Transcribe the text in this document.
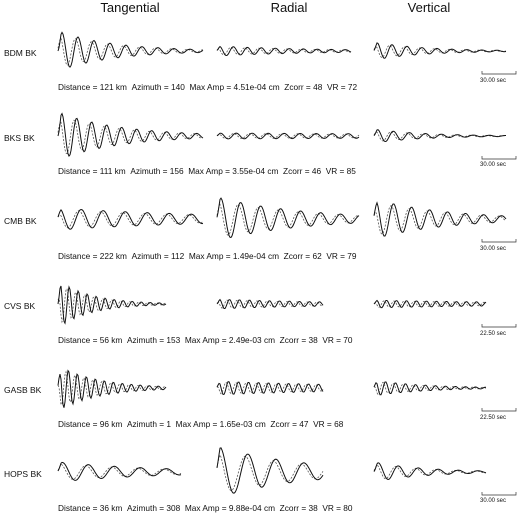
Tangential	Radial	Vertical
BDM BK
Distance = 121 km Azimuth = 140 Max Amp = 4.51e-04 cm Zcorr = 48 VR = 72
30.00 sec
BKS BK
Distance = 111 km Azimuth = 156 Max Amp = 3.55e-04 cm Zcorr = 46 VR = 85
30.00 sec
CMB BK
Distance = 222 km Azimuth = 112 Max Amp = 1.49e-04 cm Zcorr = 62 VR = 79
30.00 sec
CVS BK
Distance = 56 km Azimuth = 153 Max Amp = 2.49e-03 cm Zcorr = 38 VR = 70
22.50 sec
GASB BK
Distance = 96 km Azimuth = 1 Max Amp = 1.65e-03 cm Zcorr = 47 VR = 68
22.50 sec
HOPS BK
Distance = 36 km Azimuth = 308 Max Amp = 9.88e-04 cm Zcorr = 38 VR = 80
30.00 sec
